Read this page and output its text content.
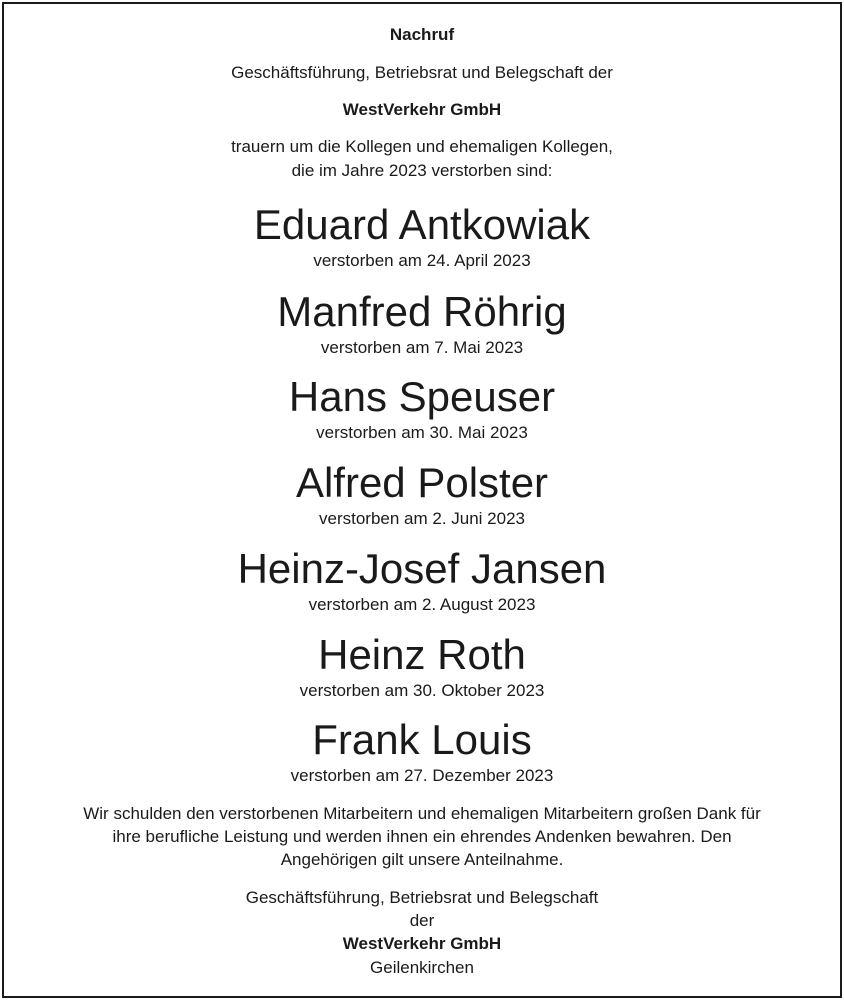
Nachruf
Geschäftsführung, Betriebsrat und Belegschaft der
WestVerkehr GmbH
trauern um die Kollegen und ehemaligen Kollegen,
die im Jahre 2023 verstorben sind:
Eduard Antkowiak
verstorben am 24. April 2023
Manfred Röhrig
verstorben am 7. Mai 2023
Hans Speuser
verstorben am 30. Mai 2023
Alfred Polster
verstorben am 2. Juni 2023
Heinz-Josef Jansen
verstorben am 2. August 2023
Heinz Roth
verstorben am 30. Oktober 2023
Frank Louis
verstorben am 27. Dezember 2023
Wir schulden den verstorbenen Mitarbeitern und ehemaligen Mitarbeitern großen Dank für
ihre berufliche Leistung und werden ihnen ein ehrendes Andenken bewahren. Den
Angehörigen gilt unsere Anteilnahme.
Geschäftsführung, Betriebsrat und Belegschaft
der
WestVerkehr GmbH
Geilenkirchen
